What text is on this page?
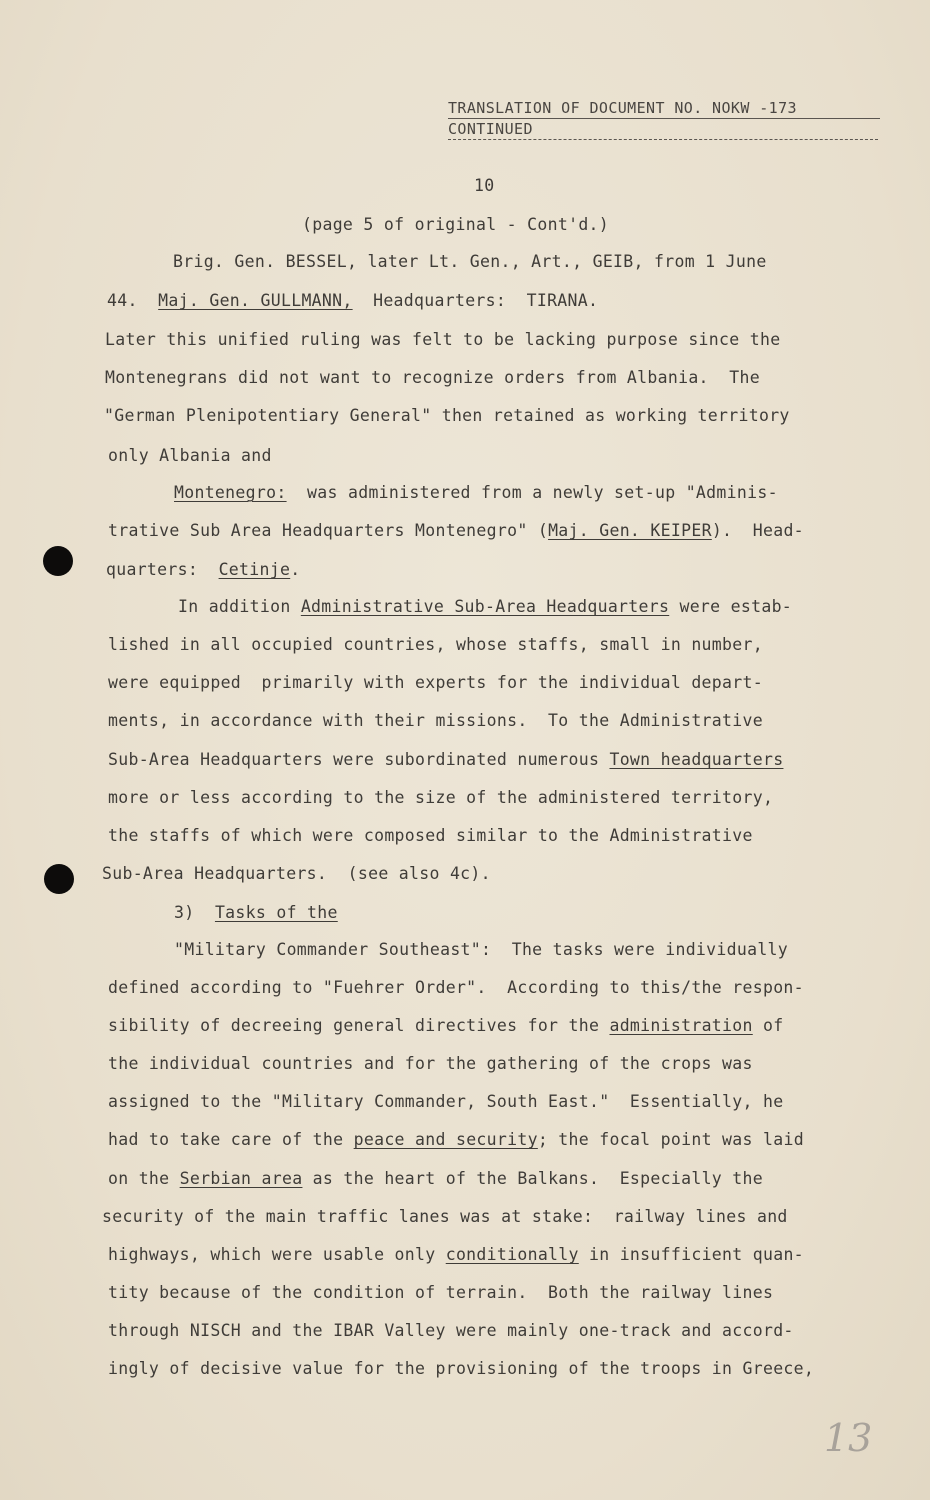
TRANSLATION OF DOCUMENT NO. NOKW -173
CONTINUED
10
(page 5 of original - Cont'd.)
Brig. Gen. BESSEL, later Lt. Gen., Art., GEIB, from 1 June
44.  Maj. Gen. GULLMANN,  Headquarters:  TIRANA.
Later this unified ruling was felt to be lacking purpose since the
Montenegrans did not want to recognize orders from Albania.  The
"German Plenipotentiary General" then retained as working territory
only Albania and
Montenegro:  was administered from a newly set-up "Adminis-
trative Sub Area Headquarters Montenegro" (Maj. Gen. KEIPER).  Head-
quarters:  Cetinje.
In addition Administrative Sub-Area Headquarters were estab-
lished in all occupied countries, whose staffs, small in number,
were equipped  primarily with experts for the individual depart-
ments, in accordance with their missions.  To the Administrative
Sub-Area Headquarters were subordinated numerous Town headquarters
more or less according to the size of the administered territory,
the staffs of which were composed similar to the Administrative
Sub-Area Headquarters.  (see also 4c).
3)  Tasks of the
"Military Commander Southeast":  The tasks were individually
defined according to "Fuehrer Order".  According to this/the respon-
sibility of decreeing general directives for the administration of
the individual countries and for the gathering of the crops was
assigned to the "Military Commander, South East."  Essentially, he
had to take care of the peace and security; the focal point was laid
on the Serbian area as the heart of the Balkans.  Especially the
security of the main traffic lanes was at stake:  railway lines and
highways, which were usable only conditionally in insufficient quan-
tity because of the condition of terrain.  Both the railway lines
through NISCH and the IBAR Valley were mainly one-track and accord-
ingly of decisive value for the provisioning of the troops in Greece,
13
